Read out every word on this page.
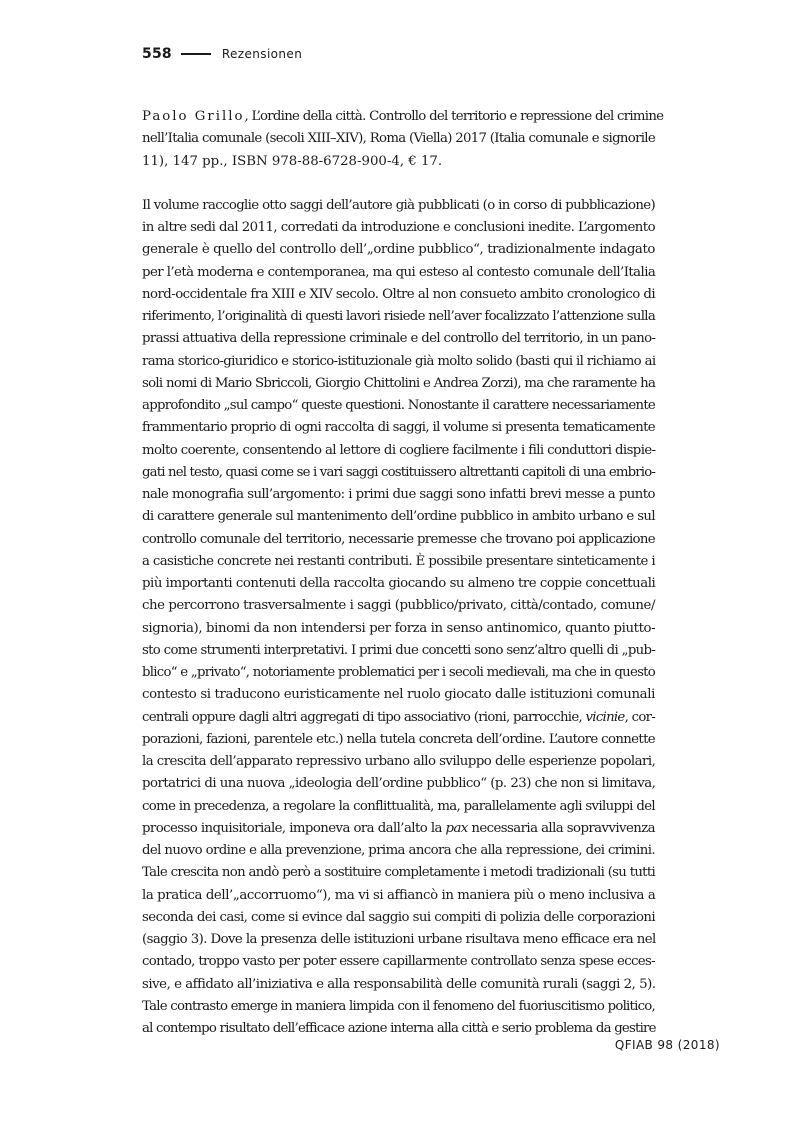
558	Rezensionen
Paolo Grillo, L’ordine della città. Controllo del territorio e repressione del crimine
nell’Italia comunale (secoli XIII–XIV), Roma (Viella) 2017 (Italia comunale e signorile
11), 147 pp., ISBN 978-88-6728-900-4, € 17.
Il volume raccoglie otto saggi dell’autore già pubblicati (o in corso di pubblicazione)
in altre sedi dal 2011, corredati da introduzione e conclusioni inedite. L’argomento
generale è quello del controllo dell’„ordine pubblico“, tradizionalmente indagato
per l’età moderna e contemporanea, ma qui esteso al contesto comunale dell’Italia
nord-occidentale fra XIII e XIV secolo. Oltre al non consueto ambito cronologico di
riferimento, l’originalità di questi lavori risiede nell’aver focalizzato l’attenzione sulla
prassi attuativa della repressione criminale e del controllo del territorio, in un pano-
rama storico-giuridico e storico-istituzionale già molto solido (basti qui il richiamo ai
soli nomi di Mario Sbriccoli, Giorgio Chittolini e Andrea Zorzi), ma che raramente ha
approfondito „sul campo“ queste questioni. Nonostante il carattere necessariamente
frammentario proprio di ogni raccolta di saggi, il volume si presenta tematicamente
molto coerente, consentendo al lettore di cogliere facilmente i fili conduttori dispie-
gati nel testo, quasi come se i vari saggi costituissero altrettanti capitoli di una embrio-
nale monografia sull’argomento: i primi due saggi sono infatti brevi messe a punto
di carattere generale sul mantenimento dell’ordine pubblico in ambito urbano e sul
controllo comunale del territorio, necessarie premesse che trovano poi applicazione
a casistiche concrete nei restanti contributi. È possibile presentare sinteticamente i
più importanti contenuti della raccolta giocando su almeno tre coppie concettuali
che percorrono trasversalmente i saggi (pubblico/privato, città/contado, comune/
signoria), binomi da non intendersi per forza in senso antinomico, quanto piutto-
sto come strumenti interpretativi. I primi due concetti sono senz’altro quelli di „pub-
blico“ e „privato“, notoriamente problematici per i secoli medievali, ma che in questo
contesto si traducono euristicamente nel ruolo giocato dalle istituzioni comunali
centrali oppure dagli altri aggregati di tipo associativo (rioni, parrocchie, vicinie, cor-
porazioni, fazioni, parentele etc.) nella tutela concreta dell’ordine. L’autore connette
la crescita dell’apparato repressivo urbano allo sviluppo delle esperienze popolari,
portatrici di una nuova „ideologia dell’ordine pubblico“ (p. 23) che non si limitava,
come in precedenza, a regolare la conflittualità, ma, parallelamente agli sviluppi del
processo inquisitoriale, imponeva ora dall’alto la pax necessaria alla sopravvivenza
del nuovo ordine e alla prevenzione, prima ancora che alla repressione, dei crimini.
Tale crescita non andò però a sostituire completamente i metodi tradizionali (su tutti
la pratica dell’„accorruomo“), ma vi si affiancò in maniera più o meno inclusiva a
seconda dei casi, come si evince dal saggio sui compiti di polizia delle corporazioni
(saggio 3). Dove la presenza delle istituzioni urbane risultava meno efficace era nel
contado, troppo vasto per poter essere capillarmente controllato senza spese ecces-
sive, e affidato all’iniziativa e alla responsabilità delle comunità rurali (saggi 2, 5).
Tale contrasto emerge in maniera limpida con il fenomeno del fuoriuscitismo politico,
al contempo risultato dell’efficace azione interna alla città e serio problema da gestire
QFIAB 98 (2018)
